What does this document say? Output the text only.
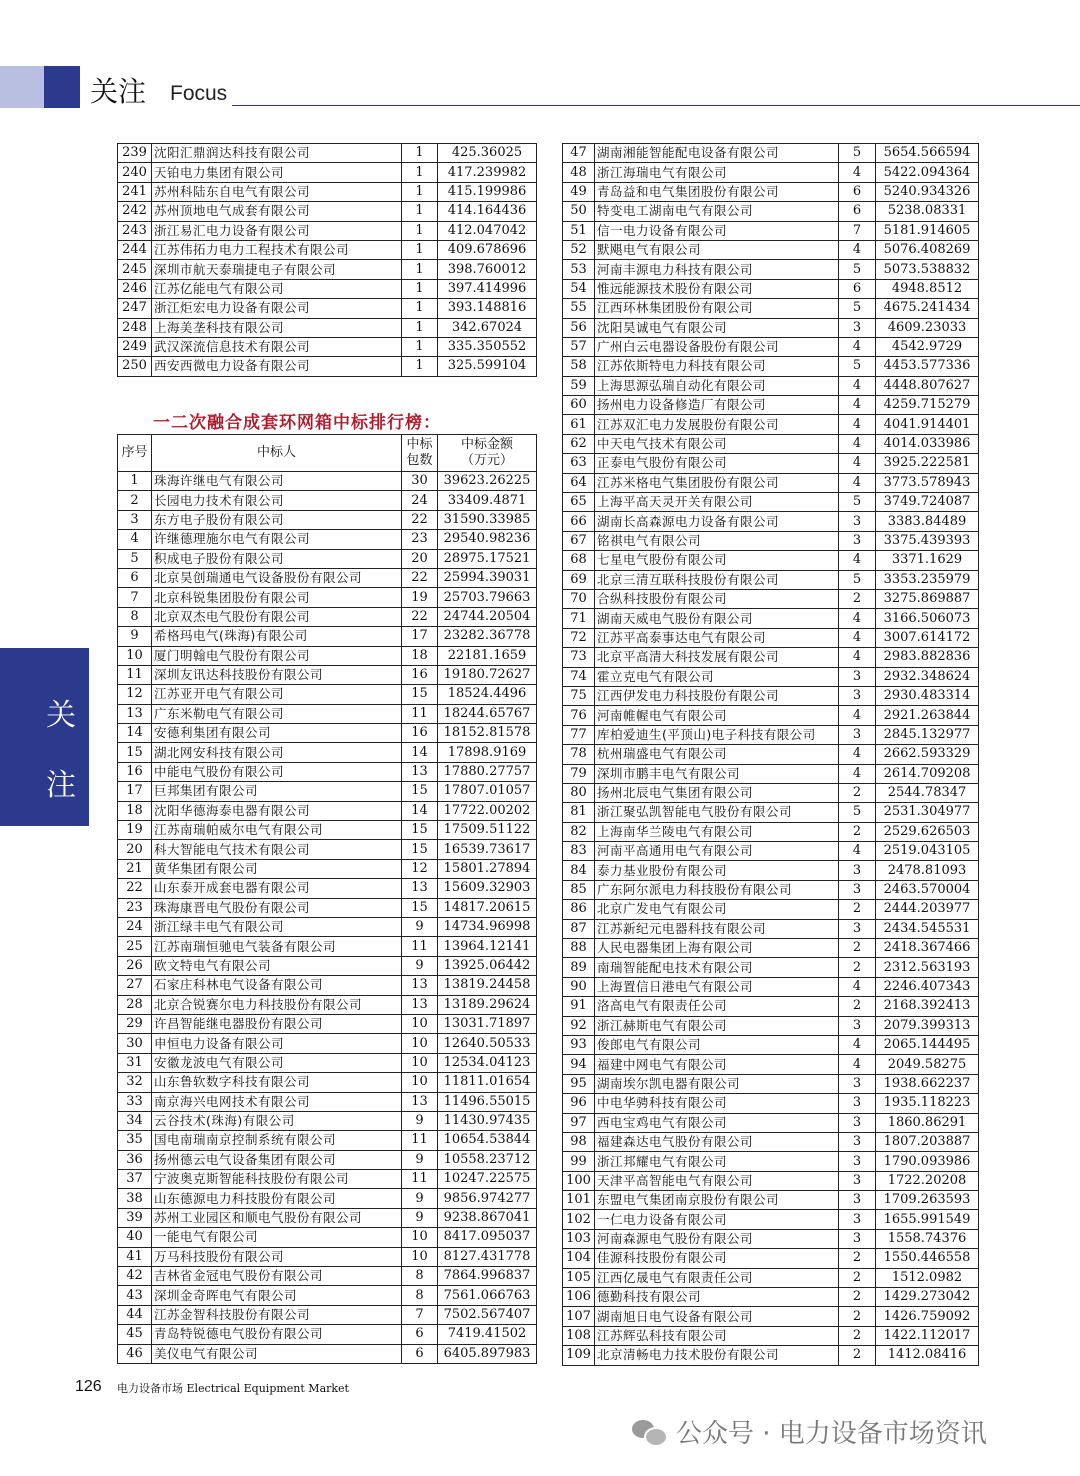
关注 Focus
关
注
239	沈阳汇鼎润达科技有限公司	1	425.36025
240	天铂电力集团有限公司	1	417.239982
241	苏州科陆东自电气有限公司	1	415.199986
242	苏州顶地电气成套有限公司	1	414.164436
243	浙江易汇电力设备有限公司	1	412.047042
244	江苏伟拓力电力工程技术有限公司	1	409.678696
245	深圳市航天泰瑞捷电子有限公司	1	398.760012
246	江苏亿能电气有限公司	1	397.414996
247	浙江炬宏电力设备有限公司	1	393.148816
248	上海美垄科技有限公司	1	342.67024
249	武汉深流信息技术有限公司	1	335.350552
250	西安西微电力设备有限公司	1	325.599104
一二次融合成套环网箱中标排行榜：
序号	中标人	中标包数	中标金额（万元）
1	珠海许继电气有限公司	30	39623.26225
2	长园电力技术有限公司	24	33409.4871
3	东方电子股份有限公司	22	31590.33985
4	许继德理施尔电气有限公司	23	29540.98236
5	积成电子股份有限公司	20	28975.17521
6	北京昊创瑞通电气设备股份有限公司	22	25994.39031
7	北京科锐集团股份有限公司	19	25703.79663
8	北京双杰电气股份有限公司	22	24744.20504
9	希格玛电气(珠海)有限公司	17	23282.36778
10	厦门明翰电气股份有限公司	18	22181.1659
11	深圳友讯达科技股份有限公司	16	19180.72627
12	江苏亚开电气有限公司	15	18524.4496
13	广东米勒电气有限公司	11	18244.65767
14	安德利集团有限公司	16	18152.81578
15	湖北网安科技有限公司	14	17898.9169
16	中能电气股份有限公司	13	17880.27757
17	巨邦集团有限公司	15	17807.01057
18	沈阳华德海泰电器有限公司	14	17722.00202
19	江苏南瑞帕威尔电气有限公司	15	17509.51122
20	科大智能电气技术有限公司	15	16539.73617
21	黄华集团有限公司	12	15801.27894
22	山东泰开成套电器有限公司	13	15609.32903
23	珠海康晋电气股份有限公司	15	14817.20615
24	浙江绿丰电气有限公司	9	14734.96998
25	江苏南瑞恒驰电气装备有限公司	11	13964.12141
26	欧文特电气有限公司	9	13925.06442
27	石家庄科林电气设备有限公司	13	13819.24458
28	北京合锐赛尔电力科技股份有限公司	13	13189.29624
29	许昌智能继电器股份有限公司	10	13031.71897
30	申恒电力设备有限公司	10	12640.50533
31	安徽龙波电气有限公司	10	12534.04123
32	山东鲁软数字科技有限公司	10	11811.01654
33	南京海兴电网技术有限公司	13	11496.55015
34	云谷技术(珠海)有限公司	9	11430.97435
35	国电南瑞南京控制系统有限公司	11	10654.53844
36	扬州德云电气设备集团有限公司	9	10558.23712
37	宁波奥克斯智能科技股份有限公司	11	10247.22575
38	山东德源电力科技股份有限公司	9	9856.974277
39	苏州工业园区和顺电气股份有限公司	9	9238.867041
40	一能电气有限公司	10	8417.095037
41	万马科技股份有限公司	10	8127.431778
42	吉林省金冠电气股份有限公司	8	7864.996837
43	深圳金奇晖电气有限公司	8	7561.066763
44	江苏金智科技股份有限公司	7	7502.567407
45	青岛特锐德电气股份有限公司	6	7419.41502
46	美仪电气有限公司	6	6405.897983
47	湖南湘能智能配电设备有限公司	5	5654.566594
48	浙江海瑞电气有限公司	4	5422.094364
49	青岛益和电气集团股份有限公司	6	5240.934326
50	特变电工湖南电气有限公司	6	5238.08331
51	信一电力设备有限公司	7	5181.914605
52	默飓电气有限公司	4	5076.408269
53	河南丰源电力科技有限公司	5	5073.538832
54	惟远能源技术股份有限公司	6	4948.8512
55	江西环林集团股份有限公司	5	4675.241434
56	沈阳昊诚电气有限公司	3	4609.23033
57	广州白云电器设备股份有限公司	4	4542.9729
58	江苏依斯特电力科技有限公司	5	4453.577336
59	上海思源弘瑞自动化有限公司	4	4448.807627
60	扬州电力设备修造厂有限公司	4	4259.715279
61	江苏双汇电力发展股份有限公司	4	4041.914401
62	中天电气技术有限公司	4	4014.033986
63	正泰电气股份有限公司	4	3925.222581
64	江苏米格电气集团股份有限公司	4	3773.578943
65	上海平高天灵开关有限公司	5	3749.724087
66	湖南长高森源电力设备有限公司	3	3383.84489
67	铭祺电气有限公司	3	3375.439393
68	七星电气股份有限公司	4	3371.1629
69	北京三清互联科技股份有限公司	5	3353.235979
70	合纵科技股份有限公司	2	3275.869887
71	湖南天威电气股份有限公司	4	3166.506073
72	江苏平高泰事达电气有限公司	4	3007.614172
73	北京平高清大科技发展有限公司	4	2983.882836
74	霍立克电气有限公司	3	2932.348624
75	江西伊发电力科技股份有限公司	3	2930.483314
76	河南帷幄电气有限公司	4	2921.263844
77	库柏爱迪生(平顶山)电子科技有限公司	3	2845.132977
78	杭州瑞盛电气有限公司	4	2662.593329
79	深圳市鹏丰电气有限公司	4	2614.709208
80	扬州北辰电气集团有限公司	2	2544.78347
81	浙江聚弘凯智能电气股份有限公司	5	2531.304977
82	上海南华兰陵电气有限公司	2	2529.626503
83	河南平高通用电气有限公司	4	2519.043105
84	泰力基业股份有限公司	3	2478.81093
85	广东阿尔派电力科技股份有限公司	3	2463.570004
86	北京广发电气有限公司	2	2444.203977
87	江苏新纪元电器科技有限公司	3	2434.545531
88	人民电器集团上海有限公司	2	2418.367466
89	南瑞智能配电技术有限公司	2	2312.563193
90	上海置信日港电气有限公司	4	2246.407343
91	洛高电气有限责任公司	2	2168.392413
92	浙江赫斯电气有限公司	3	2079.399313
93	俊郎电气有限公司	4	2065.144495
94	福建中网电气有限公司	4	2049.58275
95	湖南埃尔凯电器有限公司	3	1938.662237
96	中电华骋科技有限公司	3	1935.118223
97	西电宝鸡电气有限公司	3	1860.86291
98	福建森达电气股份有限公司	3	1807.203887
99	浙江邦耀电气有限公司	3	1790.093986
100	天津平高智能电气有限公司	3	1722.20208
101	东盟电气集团南京股份有限公司	3	1709.263593
102	一仁电力设备有限公司	3	1655.991549
103	河南森源电气股份有限公司	3	1558.74376
104	佳源科技股份有限公司	2	1550.446558
105	江西亿晟电气有限责任公司	2	1512.0982
106	德勤科技有限公司	2	1429.273042
107	湖南旭日电气设备有限公司	2	1426.759092
108	江苏辉弘科技有限公司	2	1422.112017
109	北京清畅电力技术股份有限公司	2	1412.08416
126 电力设备市场 Electrical Equipment Market
公众号 · 电力设备市场资讯
